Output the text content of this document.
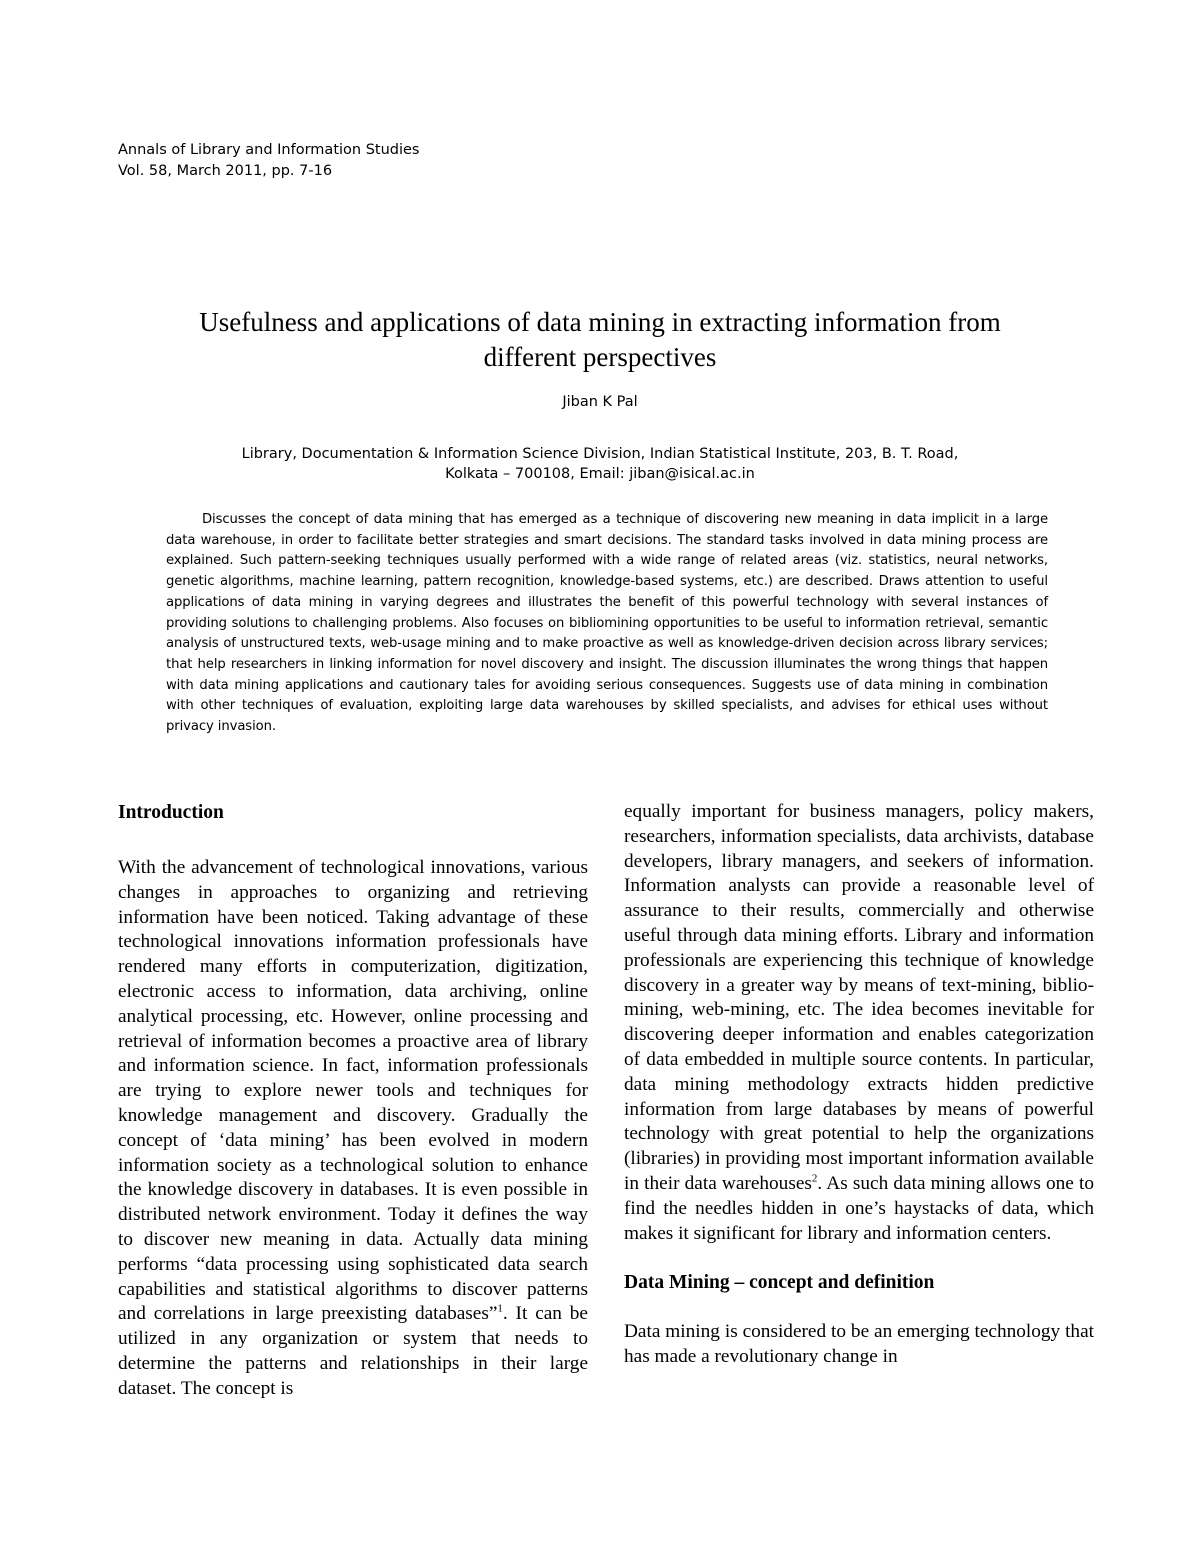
Annals of Library and Information Studies
Vol. 58, March 2011, pp. 7-16
Usefulness and applications of data mining in extracting information from
different perspectives
Jiban K Pal
Library, Documentation & Information Science Division, Indian Statistical Institute, 203, B. T. Road,
Kolkata – 700108, Email: jiban@isical.ac.in

Discusses the concept of data mining that has emerged as a technique of discovering new meaning in data implicit in a large data warehouse, in order to facilitate better strategies and smart decisions. The standard tasks involved in data mining process are explained. Such pattern-seeking techniques usually performed with a wide range of related areas (viz. statistics, neural networks, genetic algorithms, machine learning, pattern recognition, knowledge-based systems, etc.) are described. Draws attention to useful applications of data mining in varying degrees and illustrates the benefit of this powerful technology with several instances of providing solutions to challenging problems. Also focuses on bibliomining opportunities to be useful to information retrieval, semantic analysis of unstructured texts, web-usage mining and to make proactive as well as knowledge-driven decision across library services; that help researchers in linking information for novel discovery and insight. The discussion illuminates the wrong things that happen with data mining applications and cautionary tales for avoiding serious consequences. Suggests use of data mining in combination with other techniques of evaluation, exploiting large data warehouses by skilled specialists, and advises for ethical uses without privacy invasion.

Introduction

With the advancement of technological innovations, various changes in approaches to organizing and retrieving information have been noticed. Taking advantage of these technological innovations information professionals have rendered many efforts in computerization, digitization, electronic access to information, data archiving, online analytical processing, etc. However, online processing and retrieval of information becomes a proactive area of library and information science. In fact, information professionals are trying to explore newer tools and techniques for knowledge management and discovery. Gradually the concept of ‘data mining’ has been evolved in modern information society as a technological solution to enhance the knowledge discovery in databases. It is even possible in distributed network environment. Today it defines the way to discover new meaning in data. Actually data mining performs “data processing using sophisticated data search capabilities and statistical algorithms to discover patterns and correlations in large preexisting databases”$^1$. It can be utilized in any organization or system that needs to determine the patterns and relationships in their large dataset. The concept is

equally important for business managers, policy makers, researchers, information specialists, data archivists, database developers, library managers, and seekers of information. Information analysts can provide a reasonable level of assurance to their results, commercially and otherwise useful through data mining efforts. Library and information professionals are experiencing this technique of knowledge discovery in a greater way by means of text-mining, biblio-mining, web-mining, etc. The idea becomes inevitable for discovering deeper information and enables categorization of data embedded in multiple source contents. In particular, data mining methodology extracts hidden predictive information from large databases by means of powerful technology with great potential to help the organizations (libraries) in providing most important information available in their data warehouses$^2$. As such data mining allows one to find the needles hidden in one’s haystacks of data, which makes it significant for library and information centers.

Data Mining – concept and definition

Data mining is considered to be an emerging technology that has made a revolutionary change in
